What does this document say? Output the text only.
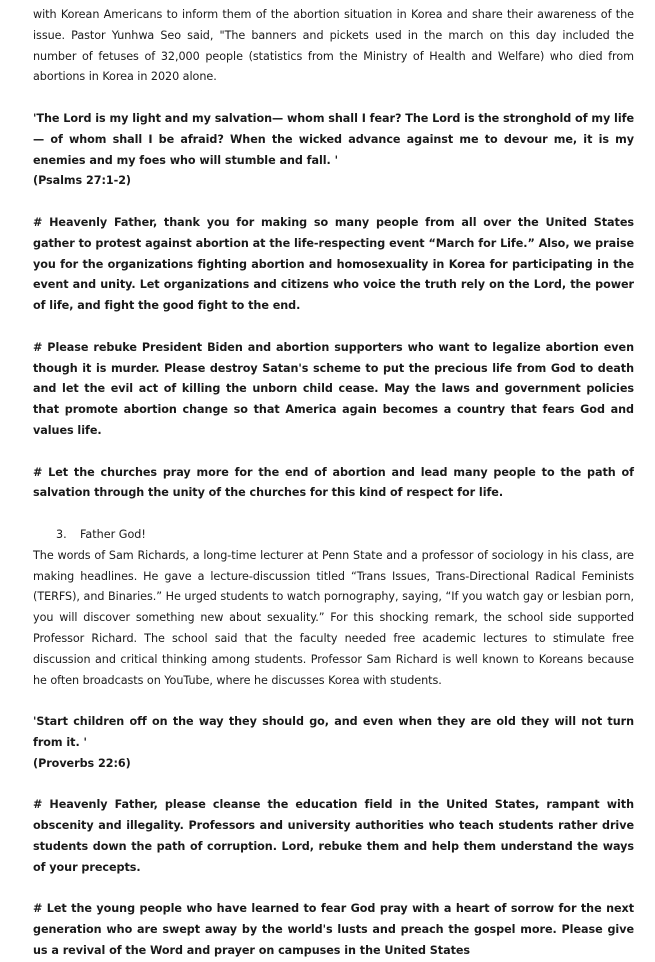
with Korean Americans to inform them of the abortion situation in Korea and share their awareness of the issue. Pastor Yunhwa Seo said, "The banners and pickets used in the march on this day included the number of fetuses of 32,000 people (statistics from the Ministry of Health and Welfare) who died from abortions in Korea in 2020 alone.

'The Lord is my light and my salvation— whom shall I fear? The Lord is the stronghold of my life— of whom shall I be afraid? When the wicked advance against me to devour me, it is my enemies and my foes who will stumble and fall. '

(Psalms 27:1-2)

# Heavenly Father, thank you for making so many people from all over the United States gather to protest against abortion at the life-respecting event “March for Life.” Also, we praise you for the organizations fighting abortion and homosexuality in Korea for participating in the event and unity. Let organizations and citizens who voice the truth rely on the Lord, the power of life, and fight the good fight to the end.

# Please rebuke President Biden and abortion supporters who want to legalize abortion even though it is murder. Please destroy Satan's scheme to put the precious life from God to death and let the evil act of killing the unborn child cease. May the laws and government policies that promote abortion change so that America again becomes a country that fears God and values life.

# Let the churches pray more for the end of abortion and lead many people to the path of salvation through the unity of the churches for this kind of respect for life.

3. Father God!

The words of Sam Richards, a long-time lecturer at Penn State and a professor of sociology in his class, are making headlines. He gave a lecture-discussion titled “Trans Issues, Trans-Directional Radical Feminists (TERFS), and Binaries.” He urged students to watch pornography, saying, “If you watch gay or lesbian porn, you will discover something new about sexuality.” For this shocking remark, the school side supported Professor Richard. The school said that the faculty needed free academic lectures to stimulate free discussion and critical thinking among students. Professor Sam Richard is well known to Koreans because he often broadcasts on YouTube, where he discusses Korea with students.

'Start children off on the way they should go, and even when they are old they will not turn from it. '

(Proverbs 22:6)

# Heavenly Father, please cleanse the education field in the United States, rampant with obscenity and illegality. Professors and university authorities who teach students rather drive students down the path of corruption. Lord, rebuke them and help them understand the ways of your precepts.

# Let the young people who have learned to fear God pray with a heart of sorrow for the next generation who are swept away by the world's lusts and preach the gospel more. Please give us a revival of the Word and prayer on campuses in the United States
